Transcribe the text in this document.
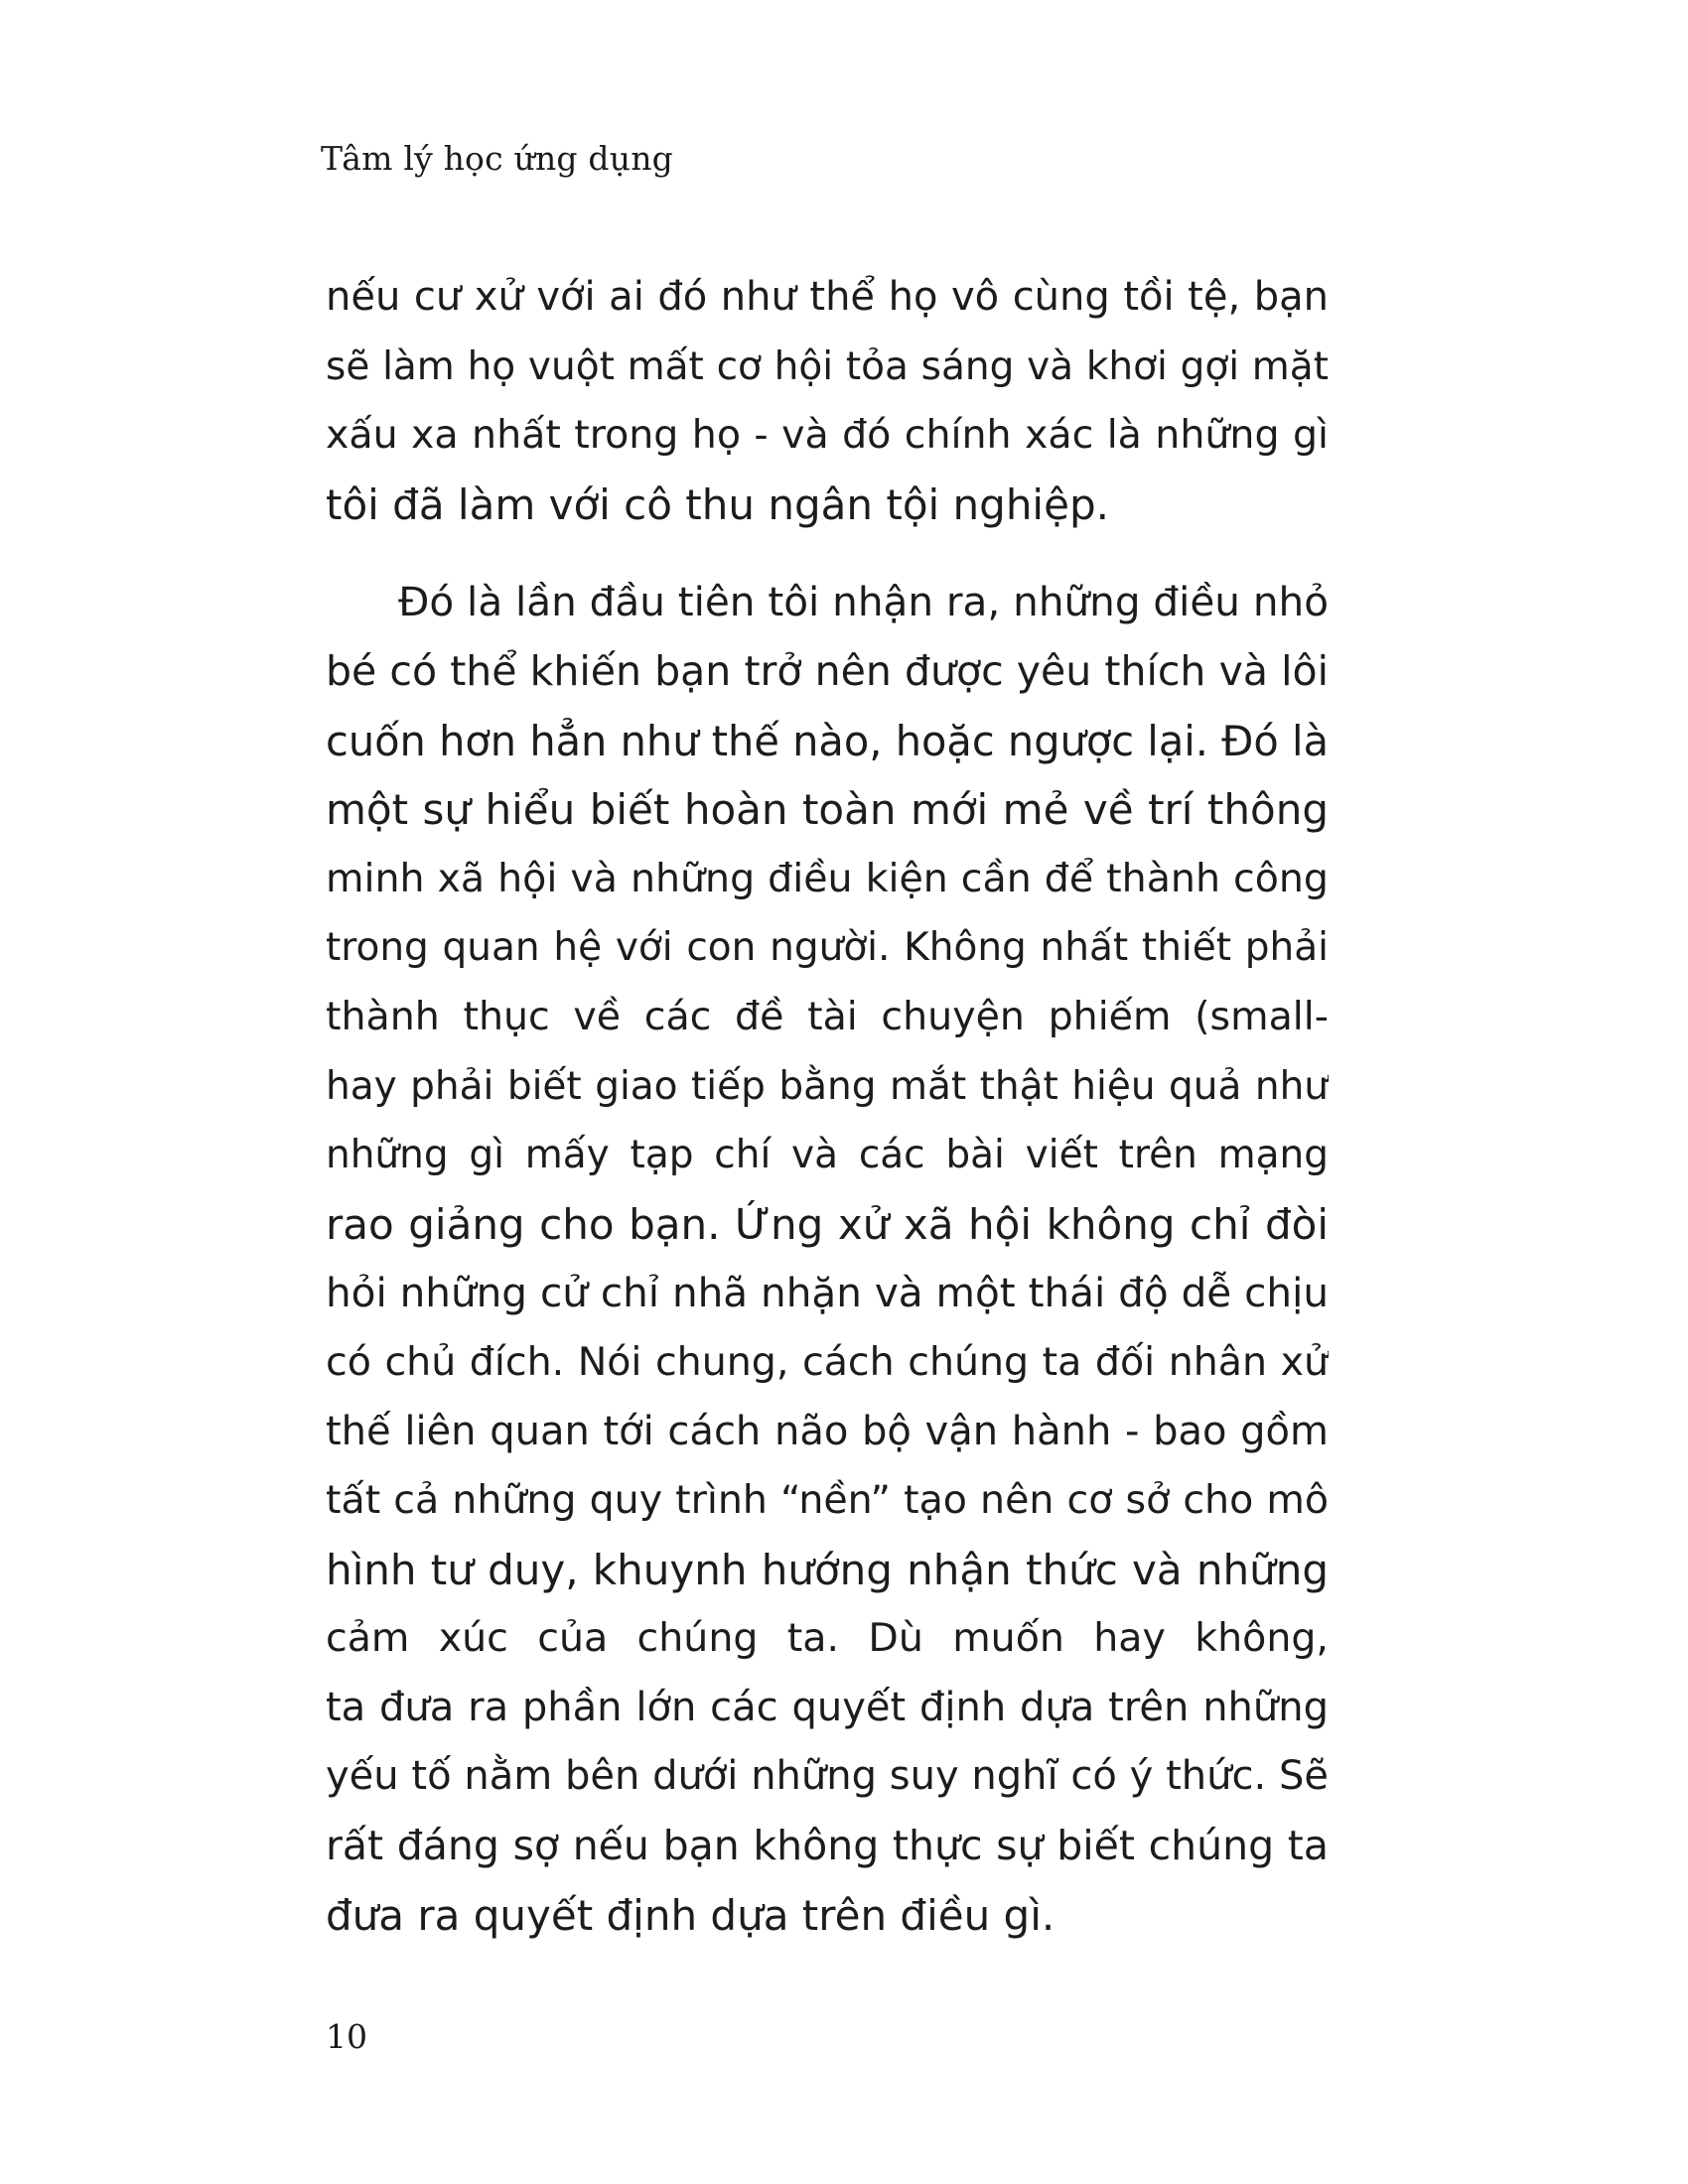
Tâm lý học ứng dụng
nếu cư xử với ai đó như thể họ vô cùng tồi tệ, bạn
sẽ làm họ vuột mất cơ hội tỏa sáng và khơi gợi mặt
xấu xa nhất trong họ - và đó chính xác là những gì
tôi đã làm với cô thu ngân tội nghiệp.
Đó là lần đầu tiên tôi nhận ra, những điều nhỏ
bé có thể khiến bạn trở nên được yêu thích và lôi
cuốn hơn hẳn như thế nào, hoặc ngược lại. Đó là
một sự hiểu biết hoàn toàn mới mẻ về trí thông
minh xã hội và những điều kiện cần để thành công
trong quan hệ với con người. Không nhất thiết phải
thành thục về các đề tài chuyện phiếm (small-
hay phải biết giao tiếp bằng mắt thật hiệu quả như
những gì mấy tạp chí và các bài viết trên mạng
rao giảng cho bạn. Ứng xử xã hội không chỉ đòi
hỏi những cử chỉ nhã nhặn và một thái độ dễ chịu
có chủ đích. Nói chung, cách chúng ta đối nhân xử
thế liên quan tới cách não bộ vận hành - bao gồm
tất cả những quy trình “nền” tạo nên cơ sở cho mô
hình tư duy, khuynh hướng nhận thức và những
cảm xúc của chúng ta. Dù muốn hay không,
ta đưa ra phần lớn các quyết định dựa trên những
yếu tố nằm bên dưới những suy nghĩ có ý thức. Sẽ
rất đáng sợ nếu bạn không thực sự biết chúng ta
đưa ra quyết định dựa trên điều gì.
10
